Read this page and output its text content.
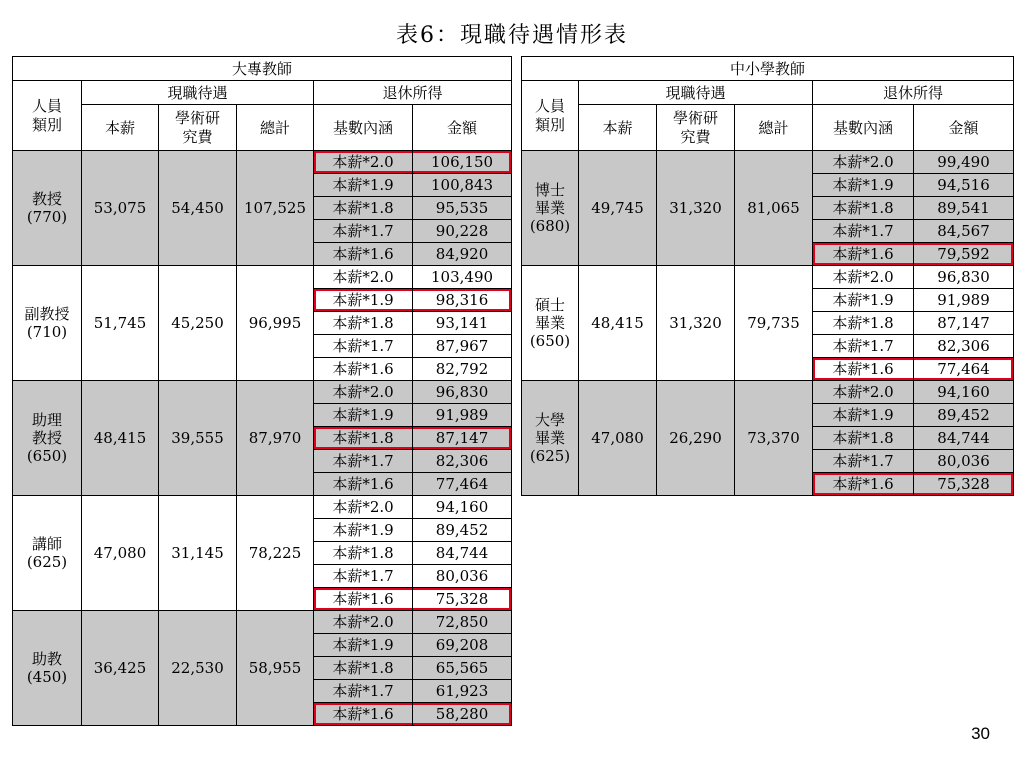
表6：現職待遇情形表
大專教師					

人員
類別	現職待遇			退休所得	
	本薪	學術研
究費	總計	基數內涵	金額

教授
(770)	53,075	54,450	107,525	本薪*2.0	106,150
				本薪*1.9	100,843
				本薪*1.8	95,535
				本薪*1.7	90,228
				本薪*1.6	84,920

副教授
(710)	51,745	45,250	96,995	本薪*2.0	103,490
				本薪*1.9	98,316
				本薪*1.8	93,141
				本薪*1.7	87,967
				本薪*1.6	82,792

助理
教授
(650)	48,415	39,555	87,970	本薪*2.0	96,830
				本薪*1.9	91,989
				本薪*1.8	87,147
				本薪*1.7	82,306
				本薪*1.6	77,464

講師
(625)	47,080	31,145	78,225	本薪*2.0	94,160
				本薪*1.9	89,452
				本薪*1.8	84,744
				本薪*1.7	80,036
				本薪*1.6	75,328

助教
(450)	36,425	22,530	58,955	本薪*2.0	72,850
				本薪*1.9	69,208
				本薪*1.8	65,565
				本薪*1.7	61,923
				本薪*1.6	58,280
中小學教師					

人員
類別	現職待遇			退休所得	
	本薪	學術研
究費	總計	基數內涵	金額

博士
畢業
(680)	49,745	31,320	81,065	本薪*2.0	99,490
				本薪*1.9	94,516
				本薪*1.8	89,541
				本薪*1.7	84,567
				本薪*1.6	79,592

碩士
畢業
(650)	48,415	31,320	79,735	本薪*2.0	96,830
				本薪*1.9	91,989
				本薪*1.8	87,147
				本薪*1.7	82,306
				本薪*1.6	77,464

大學
畢業
(625)	47,080	26,290	73,370	本薪*2.0	94,160
				本薪*1.9	89,452
				本薪*1.8	84,744
				本薪*1.7	80,036
				本薪*1.6	75,328
30
